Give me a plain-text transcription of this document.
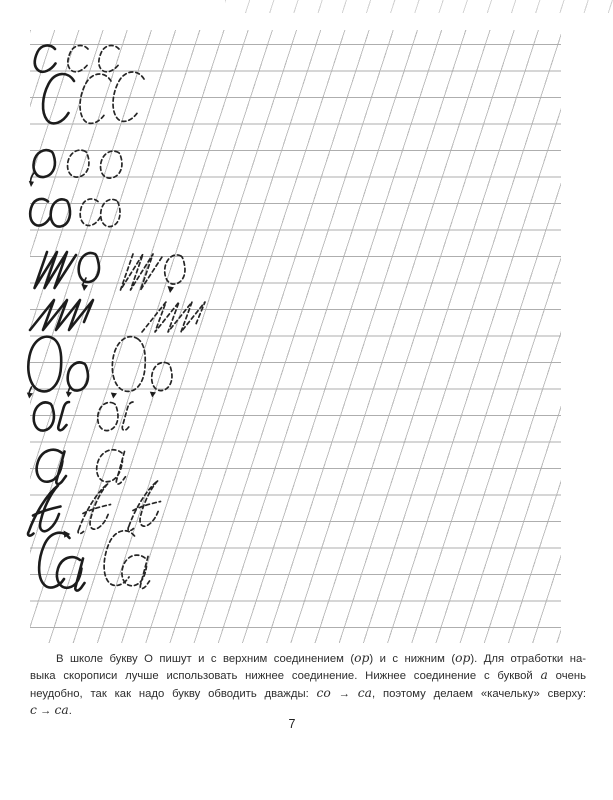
В школе букву О пишут и с верхним соединением (ор) и с нижним (ор). Для отработки на-
выка скорописи лучше использовать нижнее соединение. Нижнее соединение с буквой а очень
неудобно, так как надо букву обводить дважды: со → са, поэтому делаем «качельку» сверху:
с → са.
7
